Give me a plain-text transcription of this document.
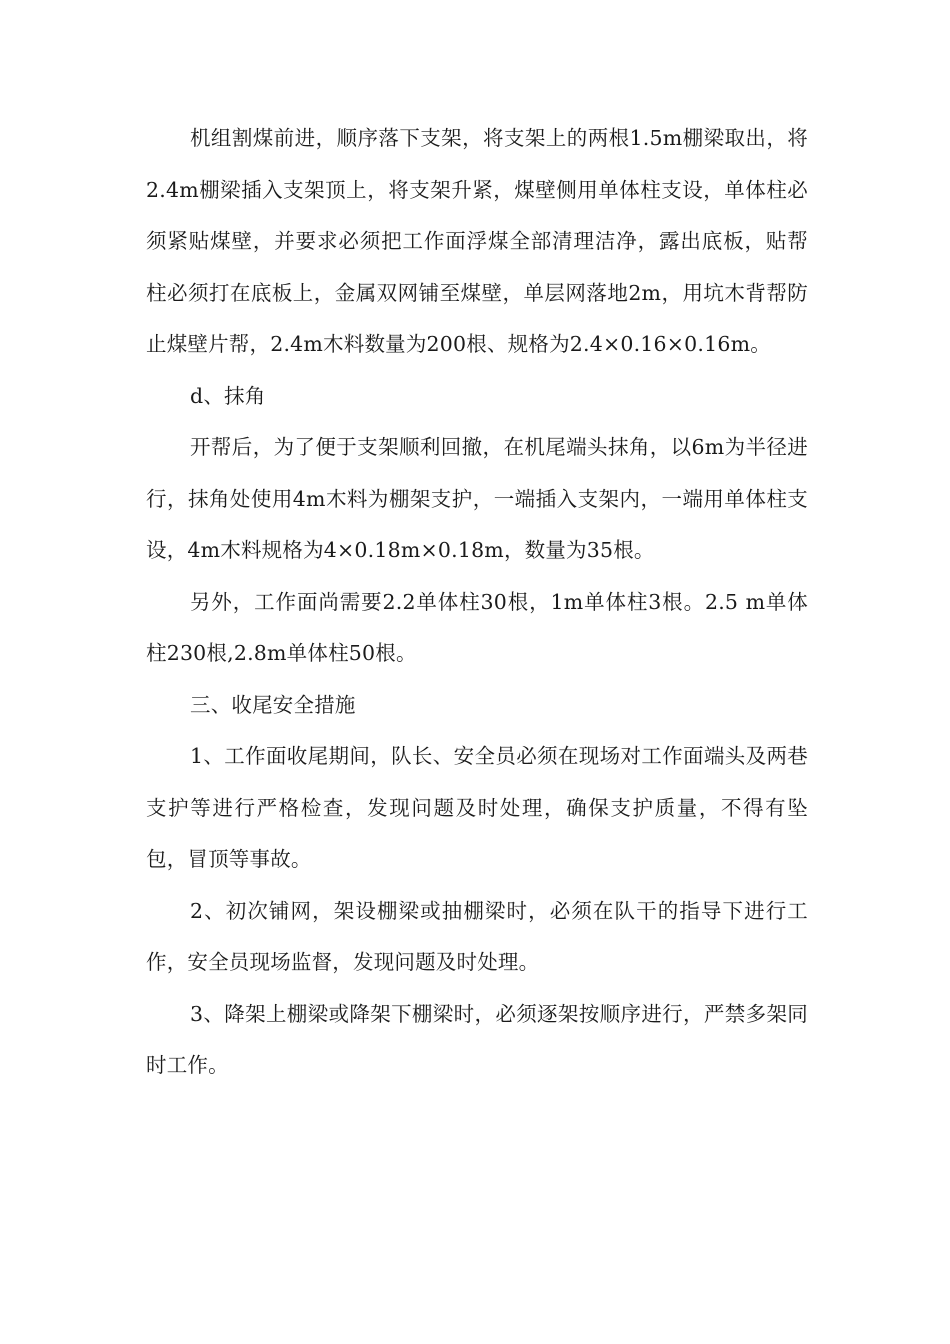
机组割煤前进，顺序落下支架，将支架上的两根1.5m棚梁取出，将2.4m棚梁插入支架顶上，将支架升紧，煤壁侧用单体柱支设，单体柱必须紧贴煤壁，并要求必须把工作面浮煤全部清理洁净，露出底板，贴帮柱必须打在底板上，金属双网铺至煤壁，单层网落地2m，用坑木背帮防止煤壁片帮，2.4m木料数量为200根、规格为2.4×0.16×0.16m。

d、抹角

开帮后，为了便于支架顺利回撤，在机尾端头抹角，以6m为半径进行，抹角处使用4m木料为棚架支护，一端插入支架内，一端用单体柱支设，4m木料规格为4×0.18m×0.18m，数量为35根。

另外，工作面尚需要2.2单体柱30根，1m单体柱3根。2.5 m单体柱230根,2.8m单体柱50根。

三、收尾安全措施

1、工作面收尾期间，队长、安全员必须在现场对工作面端头及两巷支护等进行严格检查，发现问题及时处理，确保支护质量，不得有坠包，冒顶等事故。

2、初次铺网，架设棚梁或抽棚梁时，必须在队干的指导下进行工作，安全员现场监督，发现问题及时处理。

3、降架上棚梁或降架下棚梁时，必须逐架按顺序进行，严禁多架同时工作。
